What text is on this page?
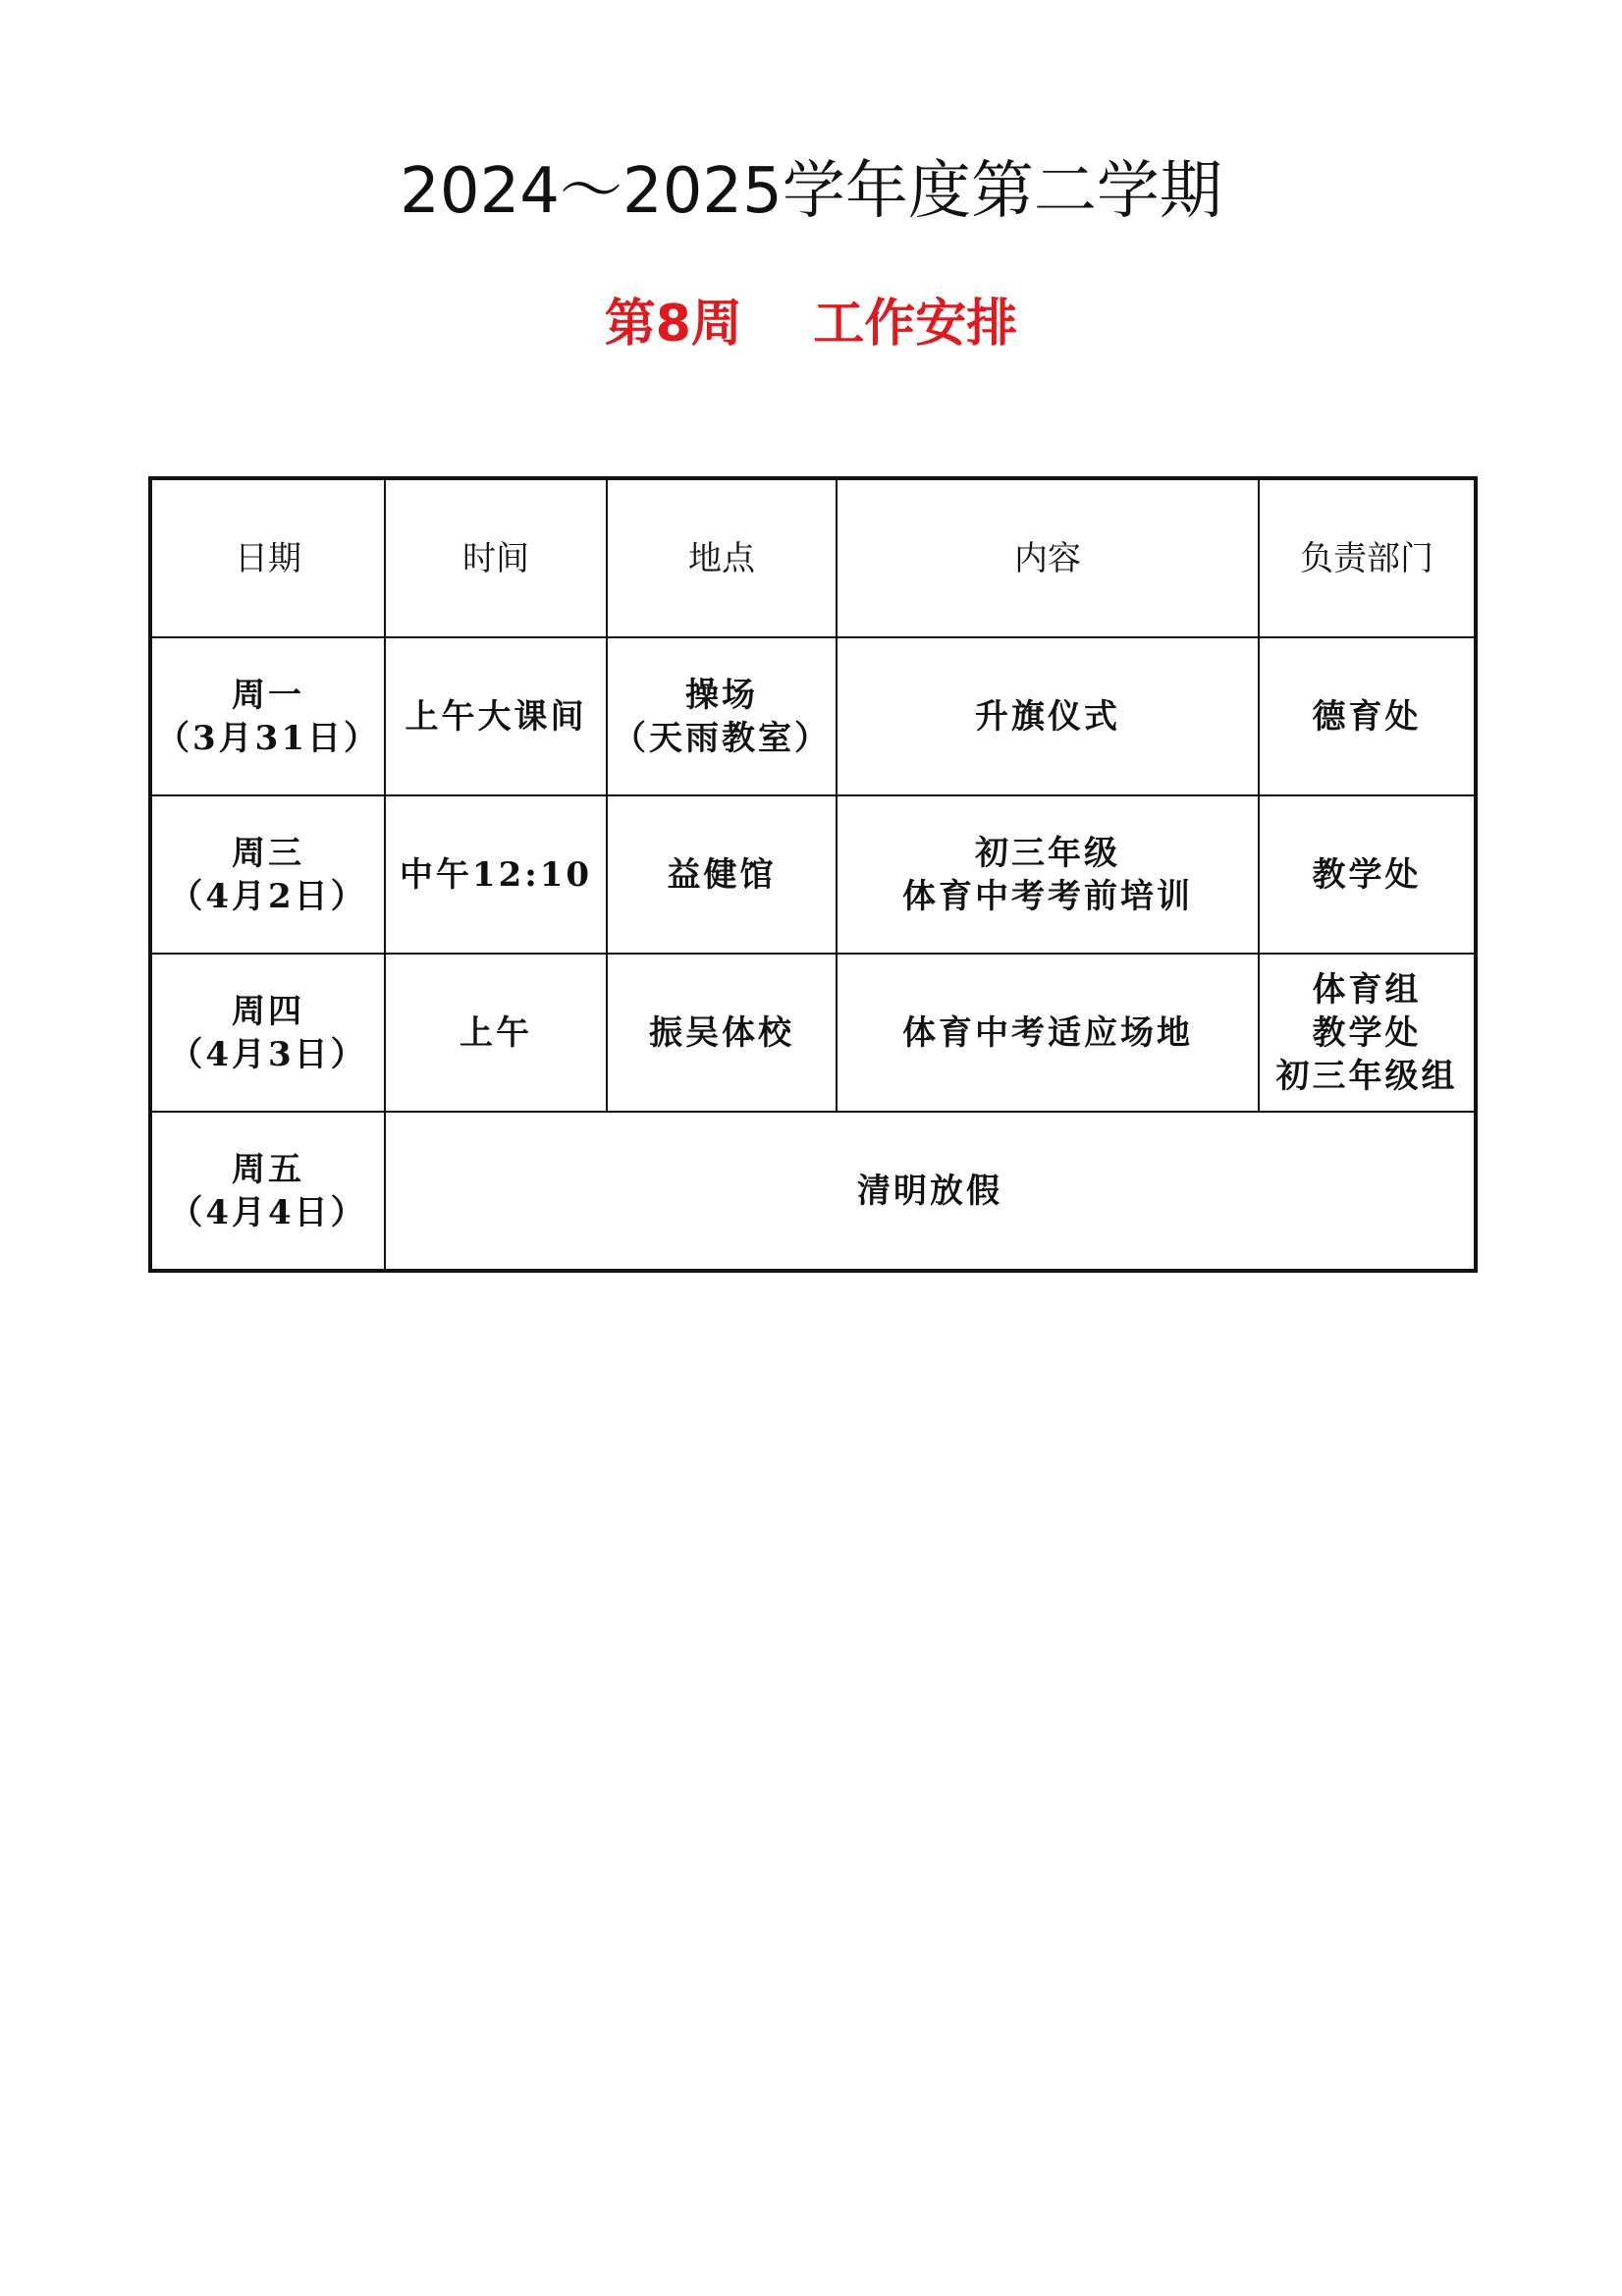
2024～2025学年度第二学期
第8周    工作安排
日期	时间	地点	内容	负责部门

周一
（3月31日）	上午大课间	操场
（天雨教室）	升旗仪式	德育处

周三
（4月2日）	中午12:10	益健馆	初三年级
体育中考考前培训	教学处

周四
（4月3日）	上午	振吴体校	体育中考适应场地	体育组
教学处
初三年级组

周五
（4月4日）	清明放假			
